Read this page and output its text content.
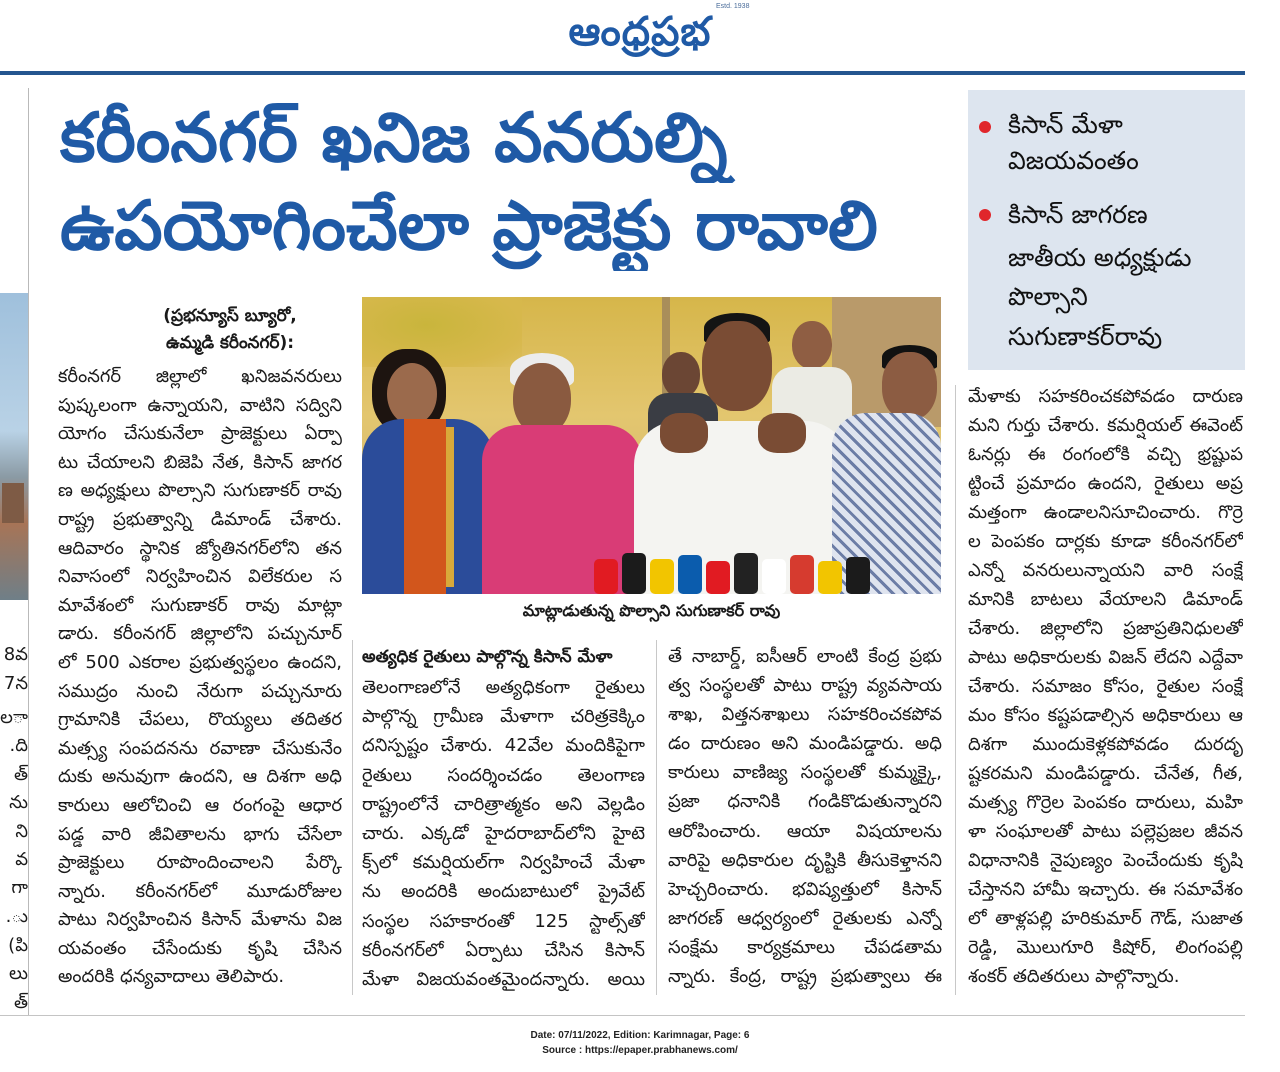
ఆంధ్రప్రభ
Estd. 1938
8వ
7న
ాల
ది.
త్
ను
ని
వ
గా
ు.
పి)
లు
త్
కరీంనగర్ ఖనిజ వనరుల్ని
ఉపయోగించేలా ప్రాజెక్టు రావాలి
కిసాన్ మేళా
విజయవంతం
కిసాన్ జాగరణ
జాతీయ అధ్యక్షుడు
పొల్సాని
సుగుణాకర్‌రావు
(ప్రభన్యూస్ బ్యూరో,
ఉమ్మడి కరీంనగర్):
మాట్లాడుతున్న పొల్సాని సుగుణాకర్ రావు
కరీంనగర్ జిల్లాలో ఖనిజవనరులు
పుష్కలంగా ఉన్నాయని, వాటిని సద్విని
యోగం చేసుకునేలా ప్రాజెక్టులు ఏర్పా
టు చేయాలని బిజెపి నేత, కిసాన్ జాగర
ణ అధ్యక్షులు పొల్సాని సుగుణాకర్ రావు
రాష్ట్ర ప్రభుత్వాన్ని డిమాండ్ చేశారు.
ఆదివారం స్థానిక జ్యోతినగర్‌లోని తన
నివాసంలో నిర్వహించిన విలేకరుల స
మావేశంలో సుగుణాకర్ రావు మాట్లా
డారు. కరీంనగర్ జిల్లాలోని పచ్చునూర్
లో 500 ఎకరాల ప్రభుత్వస్థలం ఉందని,
సముద్రం నుంచి నేరుగా పచ్చునూరు
గ్రామానికి చేపలు, రొయ్యలు తదితర
మత్స్య సంపదనను రవాణా చేసుకునేం
దుకు అనువుగా ఉందని, ఆ దిశగా అధి
కారులు ఆలోచించి ఆ రంగంపై ఆధార
పడ్డ వారి జీవితాలను భాగు చేసేలా
ప్రాజెక్టులు రూపొందించాలని పేర్కొ
న్నారు. కరీంనగర్‌లో మూడురోజుల
పాటు నిర్వహించిన కిసాన్ మేళాను విజ
యవంతం చేసేందుకు కృషి చేసిన
అందరికి ధన్యవాదాలు తెలిపారు.
అత్యధిక రైతులు పాల్గొన్న కిసాన్ మేళా
తెలంగాణలోనే అత్యధికంగా రైతులు
పాల్గొన్న గ్రామీణ మేళాగా చరిత్రకెక్కిం
దనిస్పష్టం చేశారు. 42వేల మందికిపైగా
రైతులు సందర్శించడం తెలంగాణ
రాష్ట్రంలోనే చారిత్రాత్మకం అని వెల్లడిం
చారు. ఎక్కడో హైదరాబాద్‌లోని హైటె
క్స్‌లో కమర్షియల్‌గా నిర్వహించే మేళా
ను అందరికి అందుబాటులో ప్రైవేట్
సంస్థల సహకారంతో 125 స్టాల్స్‌తో
కరీంనగర్‌లో ఏర్పాటు చేసిన కిసాన్
మేళా విజయవంతమైందన్నారు. అయి
తే నాబార్డ్, ఐసీఆర్ లాంటి కేంద్ర ప్రభు
త్వ సంస్థలతో పాటు రాష్ట్ర వ్యవసాయ
శాఖ, విత్తనశాఖలు సహకరించకపోవ
డం దారుణం అని మండిపడ్డారు. అధి
కారులు వాణిజ్య సంస్థలతో కుమ్మక్కై,
ప్రజా ధనానికి గండికొడుతున్నారని
ఆరోపించారు. ఆయా విషయాలను
వారిపై అధికారుల దృష్టికి తీసుకెళ్తానని
హెచ్చరించారు. భవిష్యత్తులో కిసాన్
జాగరణ్ ఆధ్వర్యంలో రైతులకు ఎన్నో
సంక్షేమ కార్యక్రమాలు చేపడతామ
న్నారు. కేంద్ర, రాష్ట్ర ప్రభుత్వాలు ఈ
మేళాకు సహకరించకపోవడం దారుణ
మని గుర్తు చేశారు. కమర్షియల్ ఈవెంట్
ఓనర్లు ఈ రంగంలోకి వచ్చి భ్రష్టుప
ట్టించే ప్రమాదం ఉందని, రైతులు అప్ర
మత్తంగా ఉండాలనిసూచించారు. గొర్రె
ల పెంపకం దార్లకు కూడా కరీంనగర్‌లో
ఎన్నో వనరులున్నాయని వారి సంక్షే
మానికి బాటలు వేయాలని డిమాండ్
చేశారు. జిల్లాలోని ప్రజాప్రతినిధులతో
పాటు అధికారులకు విజన్ లేదని ఎద్దేవా
చేశారు. సమాజం కోసం, రైతుల సంక్షే
మం కోసం కష్టపడాల్సిన అధికారులు ఆ
దిశగా ముందుకెళ్లకపోవడం దురదృ
ష్టకరమని మండిపడ్డారు. చేనేత, గీత,
మత్స్య గొర్రెల పెంపకం దారులు, మహి
ళా సంఘాలతో పాటు పల్లెప్రజల జీవన
విధానానికి నైపుణ్యం పెంచేందుకు కృషి
చేస్తానని హామీ ఇచ్చారు. ఈ సమావేశం
లో తాళ్లపల్లి హరికుమార్ గౌడ్, సుజాత
రెడ్డి, మొలుగూరి కిషోర్, లింగంపల్లి
శంకర్ తదితరులు పాల్గొన్నారు.
Date: 07/11/2022, Edition: Karimnagar, Page: 6
Source : https://epaper.prabhanews.com/
